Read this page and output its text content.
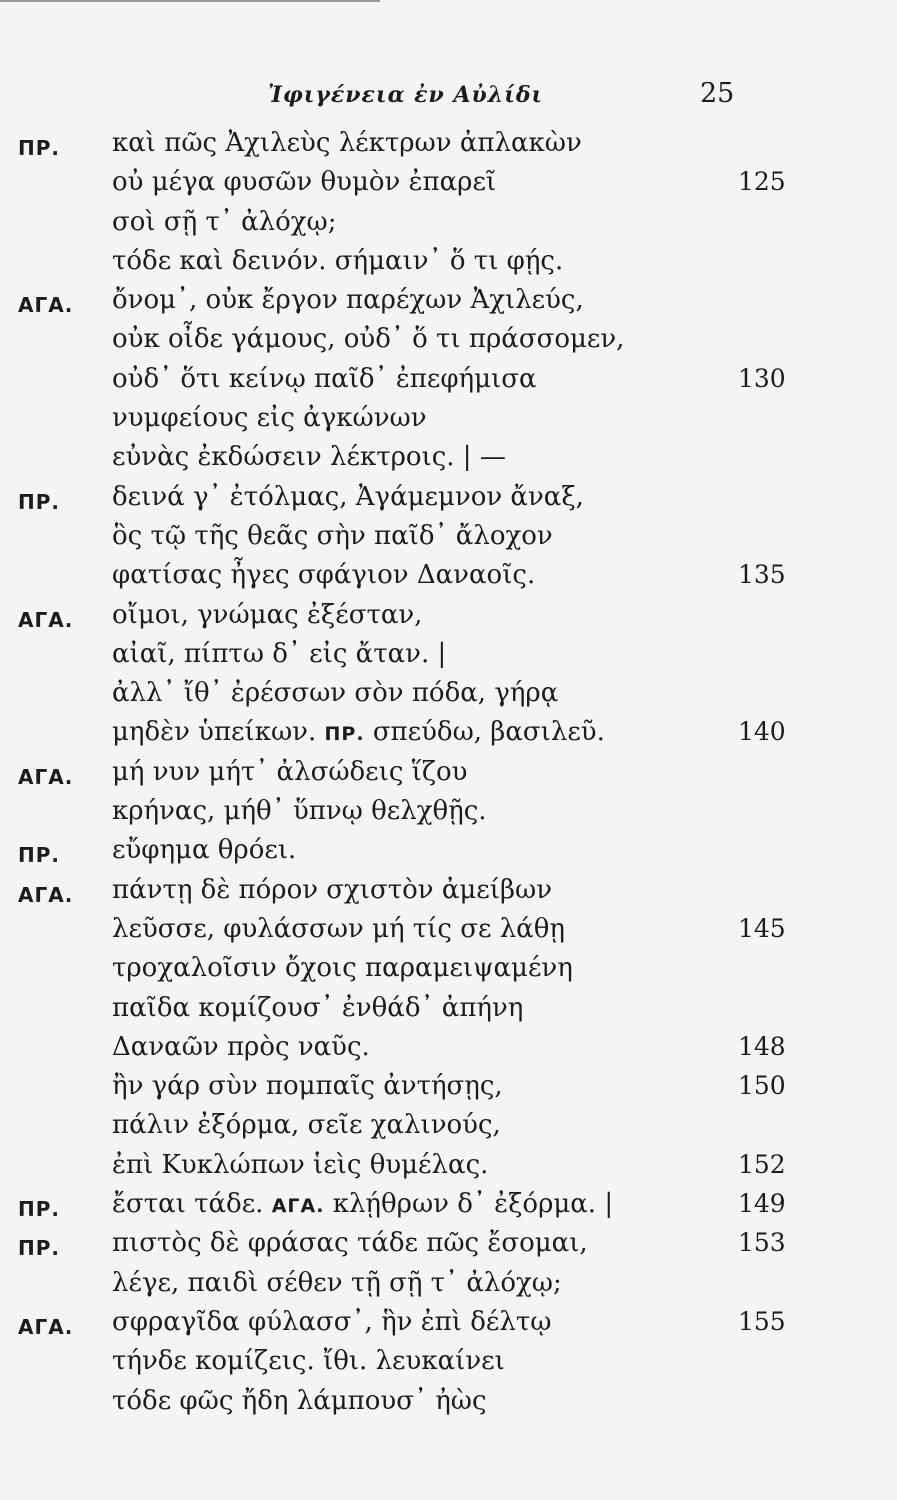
Ἰφιγένεια ἐν Αὐλίδι	25
ΠΡ. καὶ πῶς Ἀχιλεὺς λέκτρων ἀπλακὼν
οὐ μέγα φυσῶν θυμὸν ἐπαρεῖ	125
σοὶ σῇ τ᾽ ἀλόχῳ;
τόδε καὶ δεινόν. σήμαιν᾽ ὅ τι φῄς.
ΑΓΑ. ὄνομ᾽, οὐκ ἔργον παρέχων Ἀχιλεύς,
οὐκ οἶδε γάμους, οὐδ᾽ ὅ τι πράσσομεν,
οὐδ᾽ ὅτι κείνῳ παῖδ᾽ ἐπεφήμισα	130
νυμφείους εἰς ἀγκώνων
εὐνὰς ἐκδώσειν λέκτροις. | —
ΠΡ. δεινά γ᾽ ἐτόλμας, Ἀγάμεμνον ἄναξ,
ὃς τῷ τῆς θεᾶς σὴν παῖδ᾽ ἄλοχον
φατίσας ἦγες σφάγιον Δαναοῖς.	135
ΑΓΑ. οἴμοι, γνώμας ἐξέσταν,
αἰαῖ, πίπτω δ᾽ εἰς ἄταν. |
ἀλλ᾽ ἴθ᾽ ἐρέσσων σὸν πόδα, γήρᾳ
μηδὲν ὑπείκων. ΠΡ. σπεύδω, βασιλεῦ.	140
ΑΓΑ. μή νυν μήτ᾽ ἀλσώδεις ἵζου
κρήνας, μήθ᾽ ὕπνῳ θελχθῇς.
ΠΡ. εὔφημα θρόει.
ΑΓΑ. πάντῃ δὲ πόρον σχιστὸν ἀμείβων
λεῦσσε, φυλάσσων μή τίς σε λάθῃ	145
τροχαλοῖσιν ὄχοις παραμειψαμένη
παῖδα κομίζουσ᾽ ἐνθάδ᾽ ἀπήνη
Δαναῶν πρὸς ναῦς.	148
ἢν γάρ σὺν πομπαῖς ἀντήσῃς,	150
πάλιν ἐξόρμα, σεῖε χαλινούς,
ἐπὶ Κυκλώπων ἱεὶς θυμέλας.	152
ΠΡ. ἔσται τάδε. ΑΓΑ. κλῄθρων δ᾽ ἐξόρμα. |	149
ΠΡ. πιστὸς δὲ φράσας τάδε πῶς ἔσομαι,	153
λέγε, παιδὶ σέθεν τῇ σῇ τ᾽ ἀλόχῳ;
ΑΓΑ. σφραγῖδα φύλασσ᾽, ἣν ἐπὶ δέλτῳ	155
τήνδε κομίζεις. ἴθι. λευκαίνει
τόδε φῶς ἤδη λάμπουσ᾽ ἠὼς
